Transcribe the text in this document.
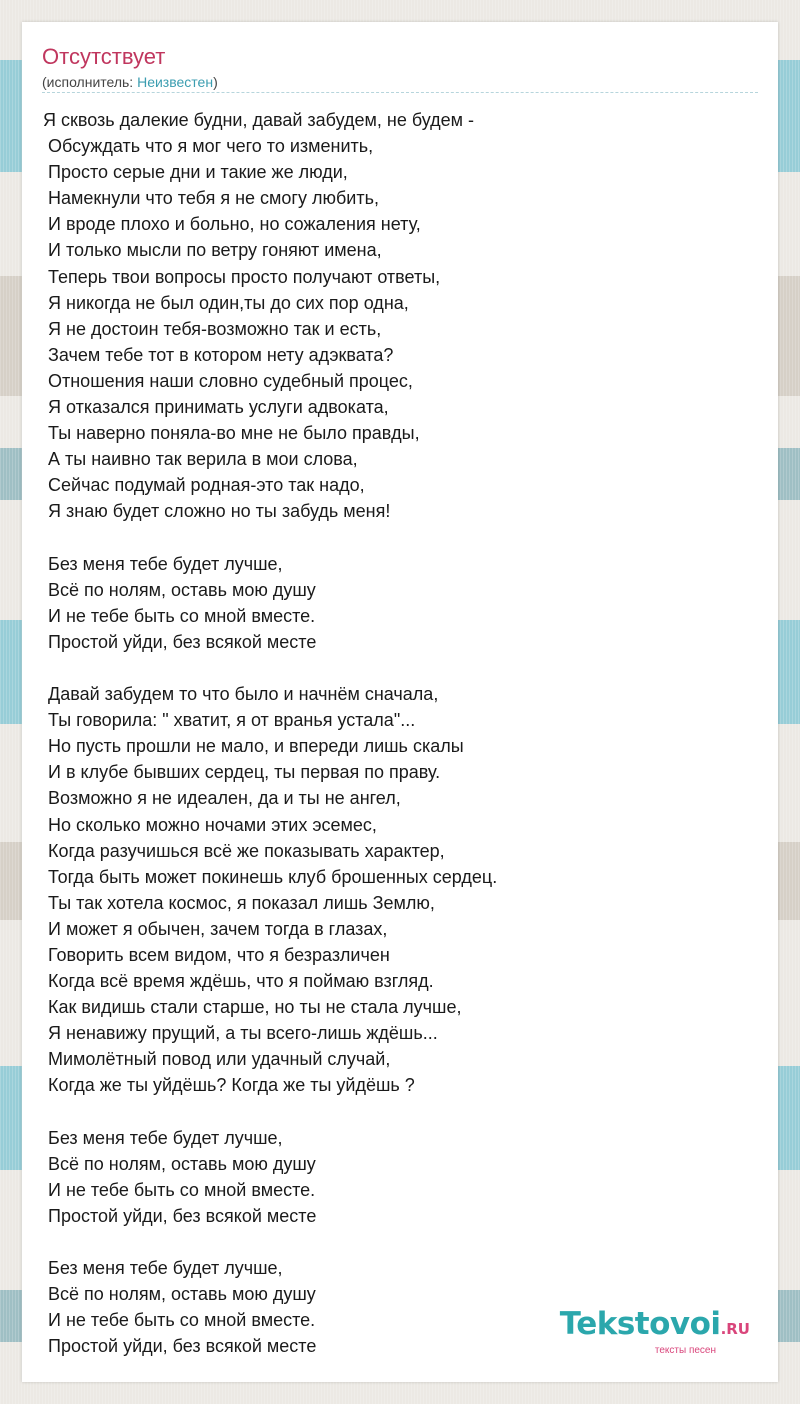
Отсутствует
(исполнитель: Неизвестен)
Я сквозь далекие будни, давай забудем, не будем -
Обсуждать что я мог чего то изменить,
Просто серые дни и такие же люди,
Намекнули что тебя я не смогу любить,
И вроде плохо и больно, но сожаления нету,
И только мысли по ветру гоняют имена,
Теперь твои вопросы просто получают ответы,
Я никогда не был один,ты до сих пор одна,
Я не достоин тебя-возможно так и есть,
Зачем тебе тот в котором нету адэквата?
Отношения наши словно судебный процес,
Я отказался принимать услуги адвоката,
Ты наверно поняла-во мне не было правды,
А ты наивно так верила в мои слова,
Сейчас подумай родная-это так надо,
Я знаю будет сложно но ты забудь меня!
Без меня тебе будет лучше,
Всё по нолям, оставь мою душу
И не тебе быть со мной вместе.
Простой уйди, без всякой месте
Давай забудем то что было и начнём сначала,
Ты говорила: " хватит, я от вранья устала"...
Но пусть прошли не мало, и впереди лишь скалы
И в клубе бывших сердец, ты первая по праву.
Возможно я не идеален, да и ты не ангел,
Но сколько можно ночами этих эсемес,
Когда разучишься всё же показывать характер,
Тогда быть может покинешь клуб брошенных сердец.
Ты так хотела космос, я показал лишь Землю,
И может я обычен, зачем тогда в глазах,
Говорить всем видом, что я безразличен
Когда всё время ждёшь, что я поймаю взгляд.
Как видишь стали старше, но ты не стала лучше,
Я ненавижу прущий, а ты всего-лишь ждёшь...
Мимолётный повод или удачный случай,
Когда же ты уйдёшь? Когда же ты уйдёшь ?
Без меня тебе будет лучше,
Всё по нолям, оставь мою душу
И не тебе быть со мной вместе.
Простой уйди, без всякой месте
Без меня тебе будет лучше,
Всё по нолям, оставь мою душу
И не тебе быть со мной вместе.
Простой уйди, без всякой месте
Tekstovoi.RU
тексты песен
